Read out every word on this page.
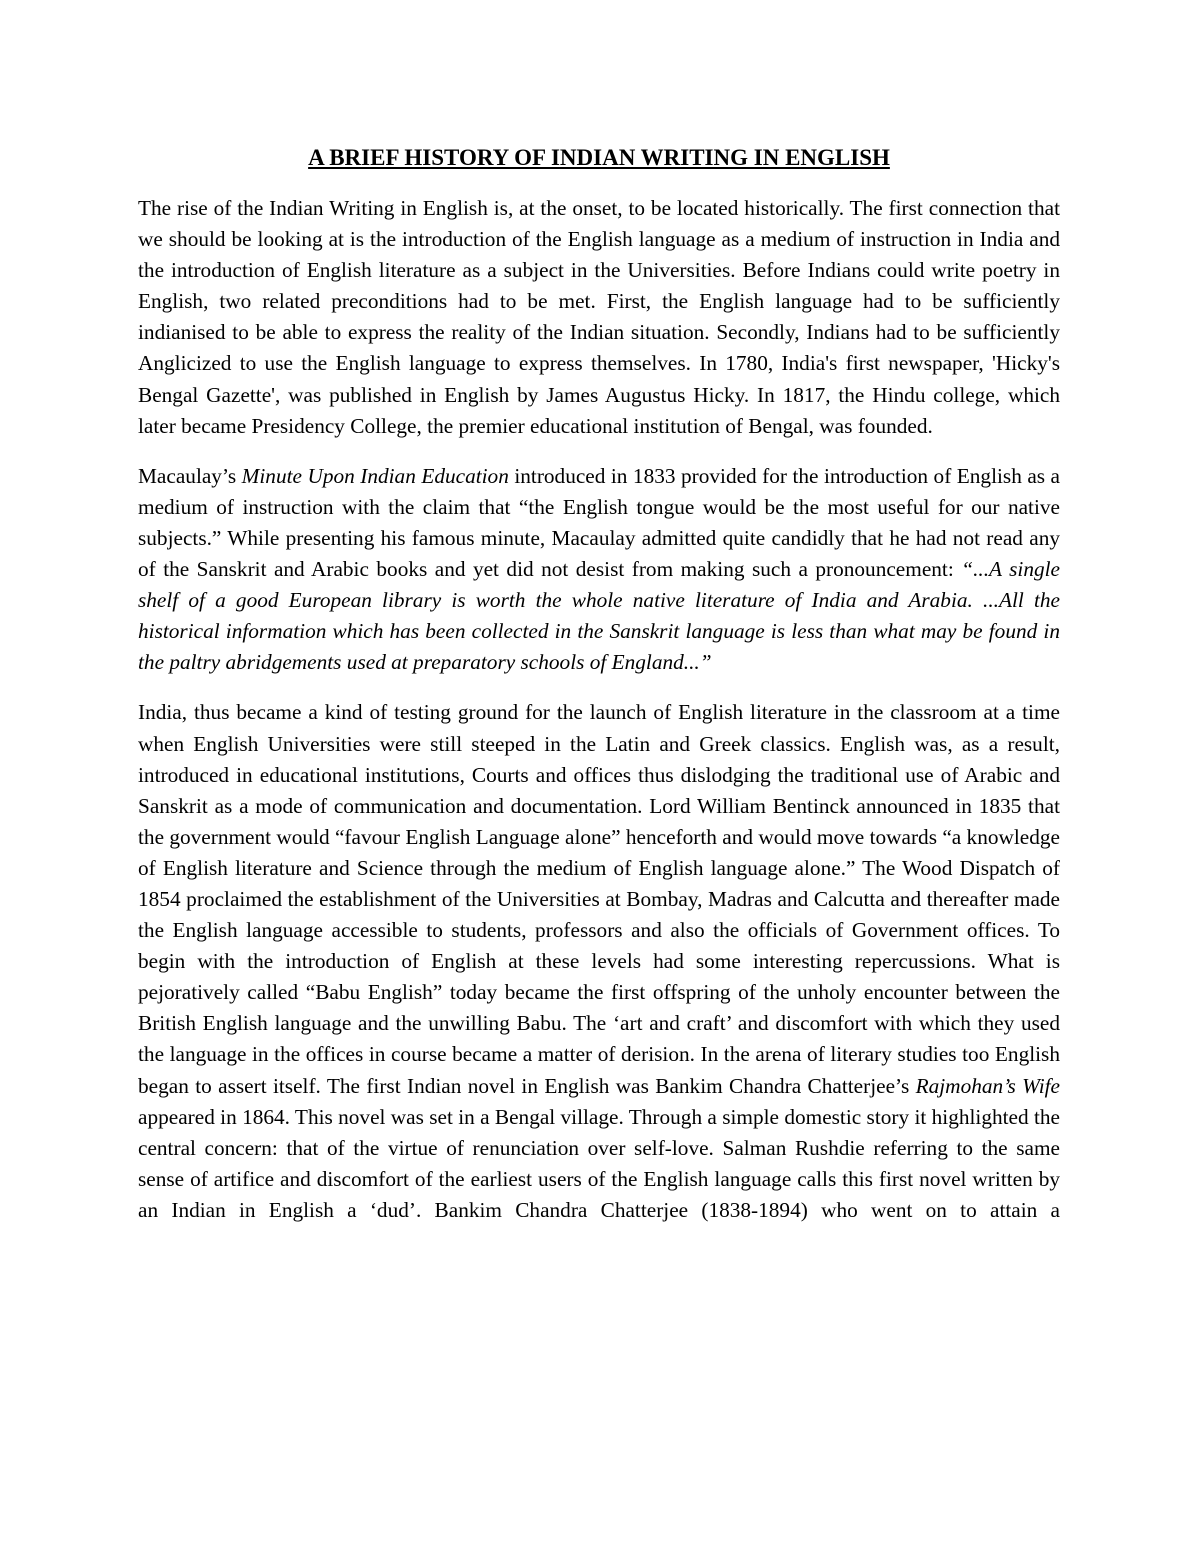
A BRIEF HISTORY OF INDIAN WRITING IN ENGLISH

The rise of the Indian Writing in English is, at the onset, to be located historically. The first connection that we should be looking at is the introduction of the English language as a medium of instruction in India and the introduction of English literature as a subject in the Universities. Before Indians could write poetry in English, two related preconditions had to be met. First, the English language had to be sufficiently indianised to be able to express the reality of the Indian situation. Secondly, Indians had to be sufficiently Anglicized to use the English language to express themselves. In 1780, India's first newspaper, 'Hicky's Bengal Gazette', was published in English by James Augustus Hicky. In 1817, the Hindu college, which later became Presidency College, the premier educational institution of Bengal, was founded.

Macaulay’s Minute Upon Indian Education introduced in 1833 provided for the introduction of English as a medium of instruction with the claim that “the English tongue would be the most useful for our native subjects.” While presenting his famous minute, Macaulay admitted quite candidly that he had not read any of the Sanskrit and Arabic books and yet did not desist from making such a pronouncement: “...A single shelf of a good European library is worth the whole native literature of India and Arabia. ...All the historical information which has been collected in the Sanskrit language is less than what may be found in the paltry abridgements used at preparatory schools of England...”

India, thus became a kind of testing ground for the launch of English literature in the classroom at a time when English Universities were still steeped in the Latin and Greek classics. English was, as a result, introduced in educational institutions, Courts and offices thus dislodging the traditional use of Arabic and Sanskrit as a mode of communication and documentation. Lord William Bentinck announced in 1835 that the government would “favour English Language alone” henceforth and would move towards “a knowledge of English literature and Science through the medium of English language alone.” The Wood Dispatch of 1854 proclaimed the establishment of the Universities at Bombay, Madras and Calcutta and thereafter made the English language accessible to students, professors and also the officials of Government offices. To begin with the introduction of English at these levels had some interesting repercussions. What is pejoratively called “Babu English” today became the first offspring of the unholy encounter between the British English language and the unwilling Babu. The ‘art and craft’ and discomfort with which they used the language in the offices in course became a matter of derision. In the arena of literary studies too English began to assert itself. The first Indian novel in English was Bankim Chandra Chatterjee’s Rajmohan’s Wife appeared in 1864. This novel was set in a Bengal village. Through a simple domestic story it highlighted the central concern: that of the virtue of renunciation over self-love. Salman Rushdie referring to the same sense of artifice and discomfort of the earliest users of the English language calls this first novel written by an Indian in English a ‘dud’. Bankim Chandra Chatterjee (1838-1894) who went on to attain a
